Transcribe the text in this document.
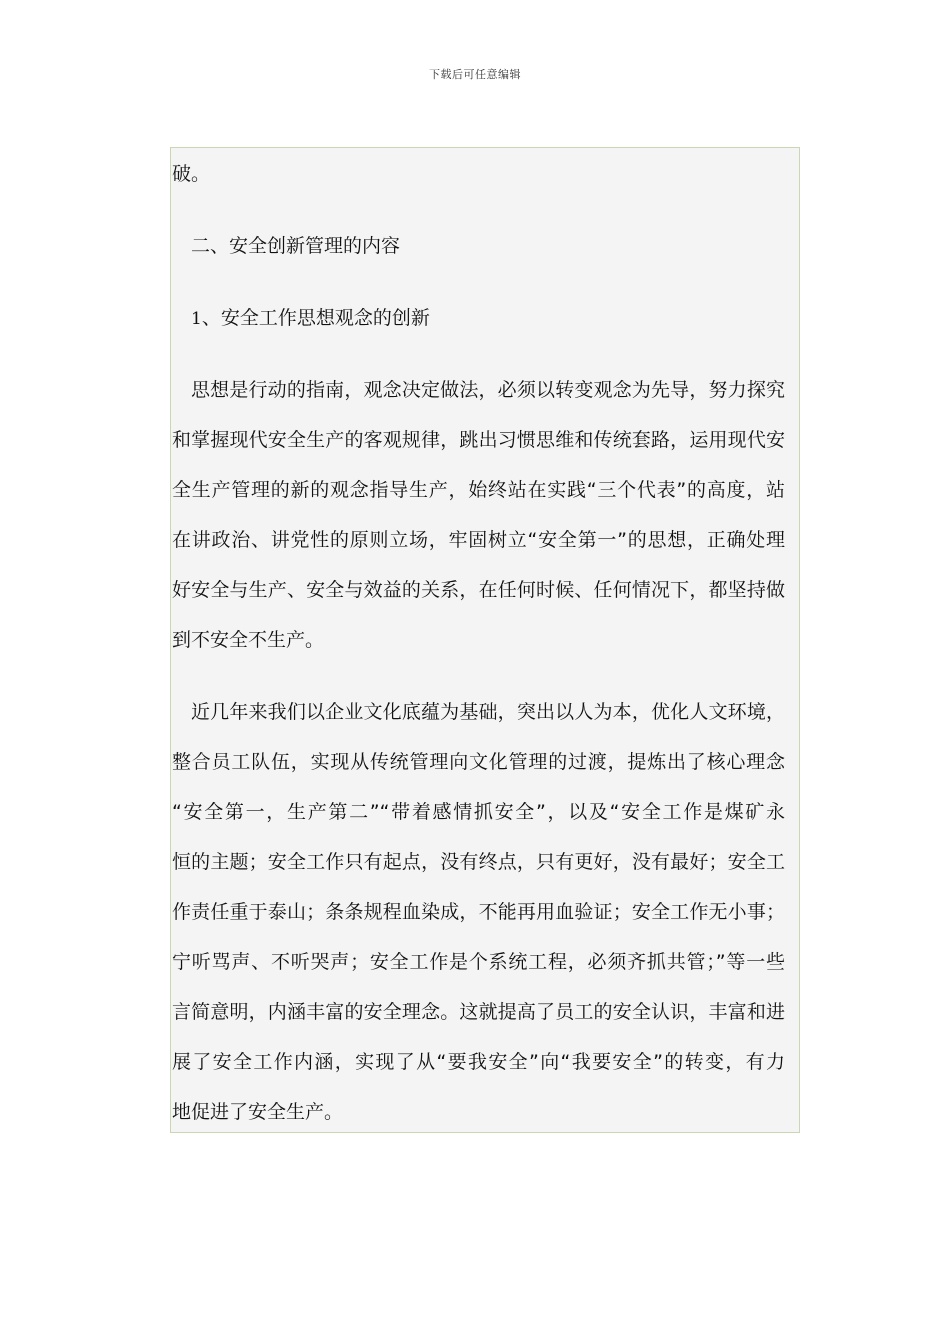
下载后可任意编辑
破。
二、安全创新管理的内容
1、安全工作思想观念的创新
思想是行动的指南，观念决定做法，必须以转变观念为先导，努力探究
和掌握现代安全生产的客观规律，跳出习惯思维和传统套路，运用现代安
全生产管理的新的观念指导生产，始终站在实践“三个代表”的高度，站
在讲政治、讲党性的原则立场，牢固树立“安全第一”的思想，正确处理
好安全与生产、安全与效益的关系，在任何时候、任何情况下，都坚持做
到不安全不生产。
近几年来我们以企业文化底蕴为基础，突出以人为本，优化人文环境，
整合员工队伍，实现从传统管理向文化管理的过渡，提炼出了核心理念
“安全第一，生产第二”“带着感情抓安全”，以及“安全工作是煤矿永
恒的主题；安全工作只有起点，没有终点，只有更好，没有最好；安全工
作责任重于泰山；条条规程血染成，不能再用血验证；安全工作无小事；
宁听骂声、不听哭声；安全工作是个系统工程，必须齐抓共管；”等一些
言简意明，内涵丰富的安全理念。这就提高了员工的安全认识，丰富和进
展了安全工作内涵，实现了从“要我安全”向“我要安全”的转变，有力
地促进了安全生产。
